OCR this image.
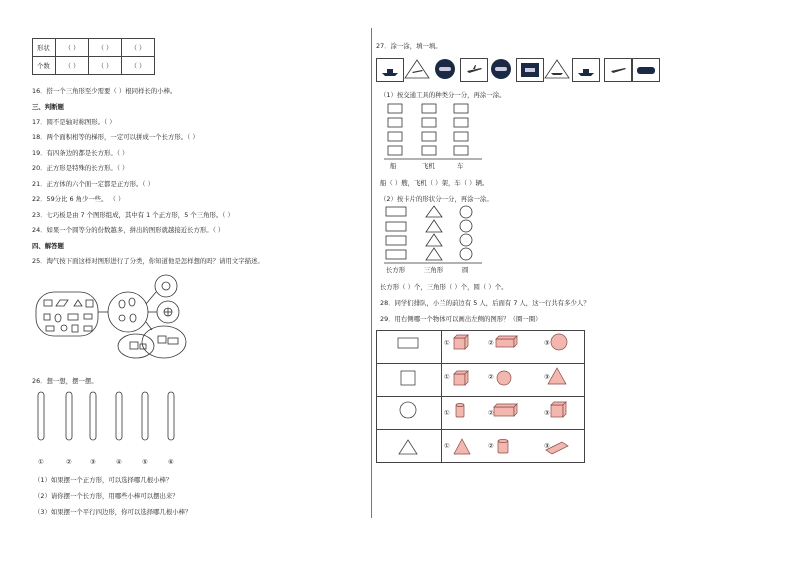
形状	（ ）	（ ）	（ ）
个数	（ ）	（ ）	（ ）
16．搭一个三角形至少需要（ ）根同样长的小棒。
三、判断题
17．圆不是轴对称图形。（ ）
18．两个面积相等的梯形，一定可以拼成一个长方形。（ ）
19．有四条边的都是长方形。（ ）
20．正方形是特殊的长方形。（ ）
21．正方体的六个面一定都是正方形。（ ）
22．59分比 6 角少一些。 （ ）
23．七巧板是由 7 个图形组成，其中有 1 个正方形，5 个三角形。（ ）
24．如果一个圆等分的份数越多，拼出的图形就越接近长方形。（ ）
四、解答题
25．淘气按下面这样对图形进行了分类，你知道他是怎样想的吗？请用文字描述。
26．想一想，摆一摆。
①	②	③	④	⑤	⑥
（1）如果摆一个正方形，可以选择哪几根小棒？
（2）请你摆一个长方形，用哪些小棒可以摆出来？
（3）如果摆一个平行四边形，你可以选择哪几根小棒？
27．涂一涂，填一填。
（1）按交通工具的种类分一分，再涂一涂。
船	飞机	车
船（ ）艘，飞机（ ）架，车（ ）辆。
（2）按卡片的形状分一分，再涂一涂。
长方形	三角形	圆
长方形（ ）个，三角形（ ）个，圆（ ）个。
28．同学们排队，小兰的前边有 5 人，后面有 7 人，这一行共有多少人？
29．用右侧哪一个物体可以画出左侧的图形？（圈一圈）

①	②	③
①	②	③
①	②	③
①	②	③
